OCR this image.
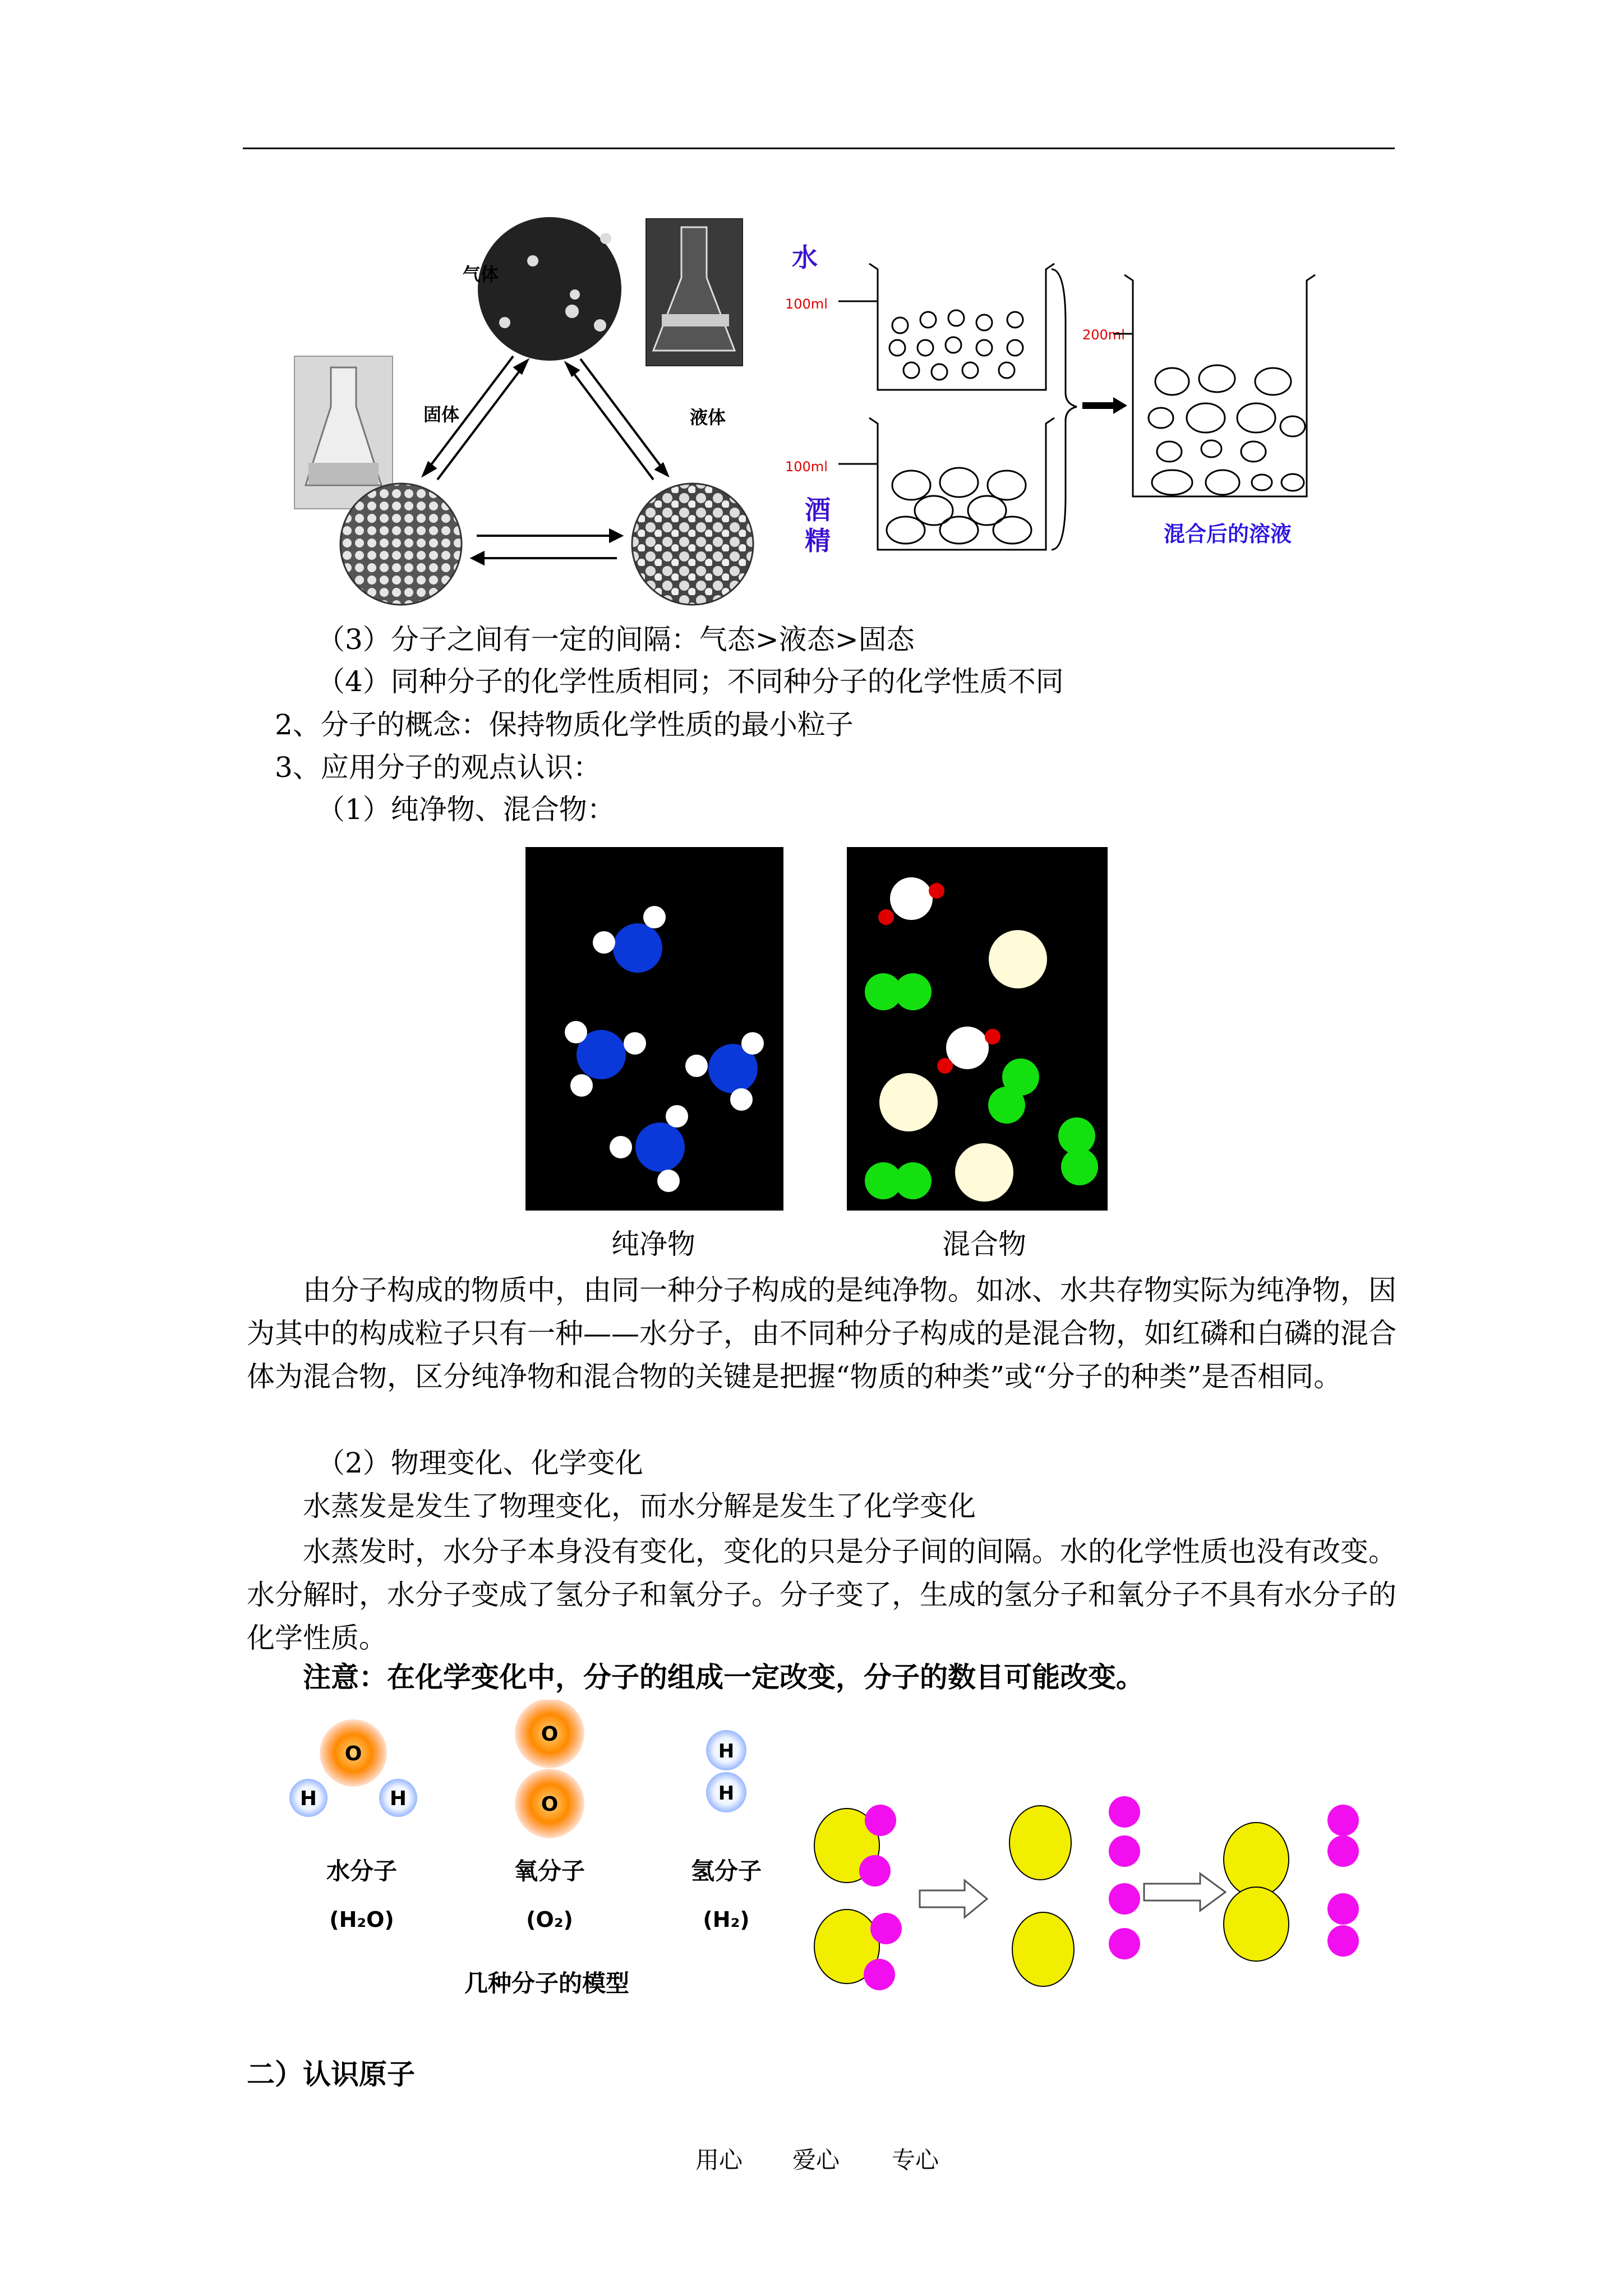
气体
固体	液体
水
100ml
100ml
酒
精
200ml
混合后的溶液
（3）分子之间有一定的间隔：气态>液态>固态
（4）同种分子的化学性质相同；不同种分子的化学性质不同
2、分子的概念：保持物质化学性质的最小粒子
3、应用分子的观点认识：
（1）纯净物、混合物：
纯净物	混合物
由分子构成的物质中，由同一种分子构成的是纯净物。如冰、水共存物实际为纯净物，因为其中的构成粒子只有一种——水分子，由不同种分子构成的是混合物，如红磷和白磷的混合体为混合物，区分纯净物和混合物的关键是把握“物质的种类”或“分子的种类”是否相同。
（2）物理变化、化学变化
水蒸发是发生了物理变化，而水分解是发生了化学变化
水蒸发时，水分子本身没有变化，变化的只是分子间的间隔。水的化学性质也没有改变。水分解时，水分子变成了氢分子和氧分子。分子变了，生成的氢分子和氧分子不具有水分子的化学性质。
注意：在化学变化中，分子的组成一定改变，分子的数目可能改变。
O
H	H
水分子
(H₂O)
O
O
氧分子
(O₂)
H
H
氢分子
(H₂)
几种分子的模型
二）认识原子
用心 爱心 专心
